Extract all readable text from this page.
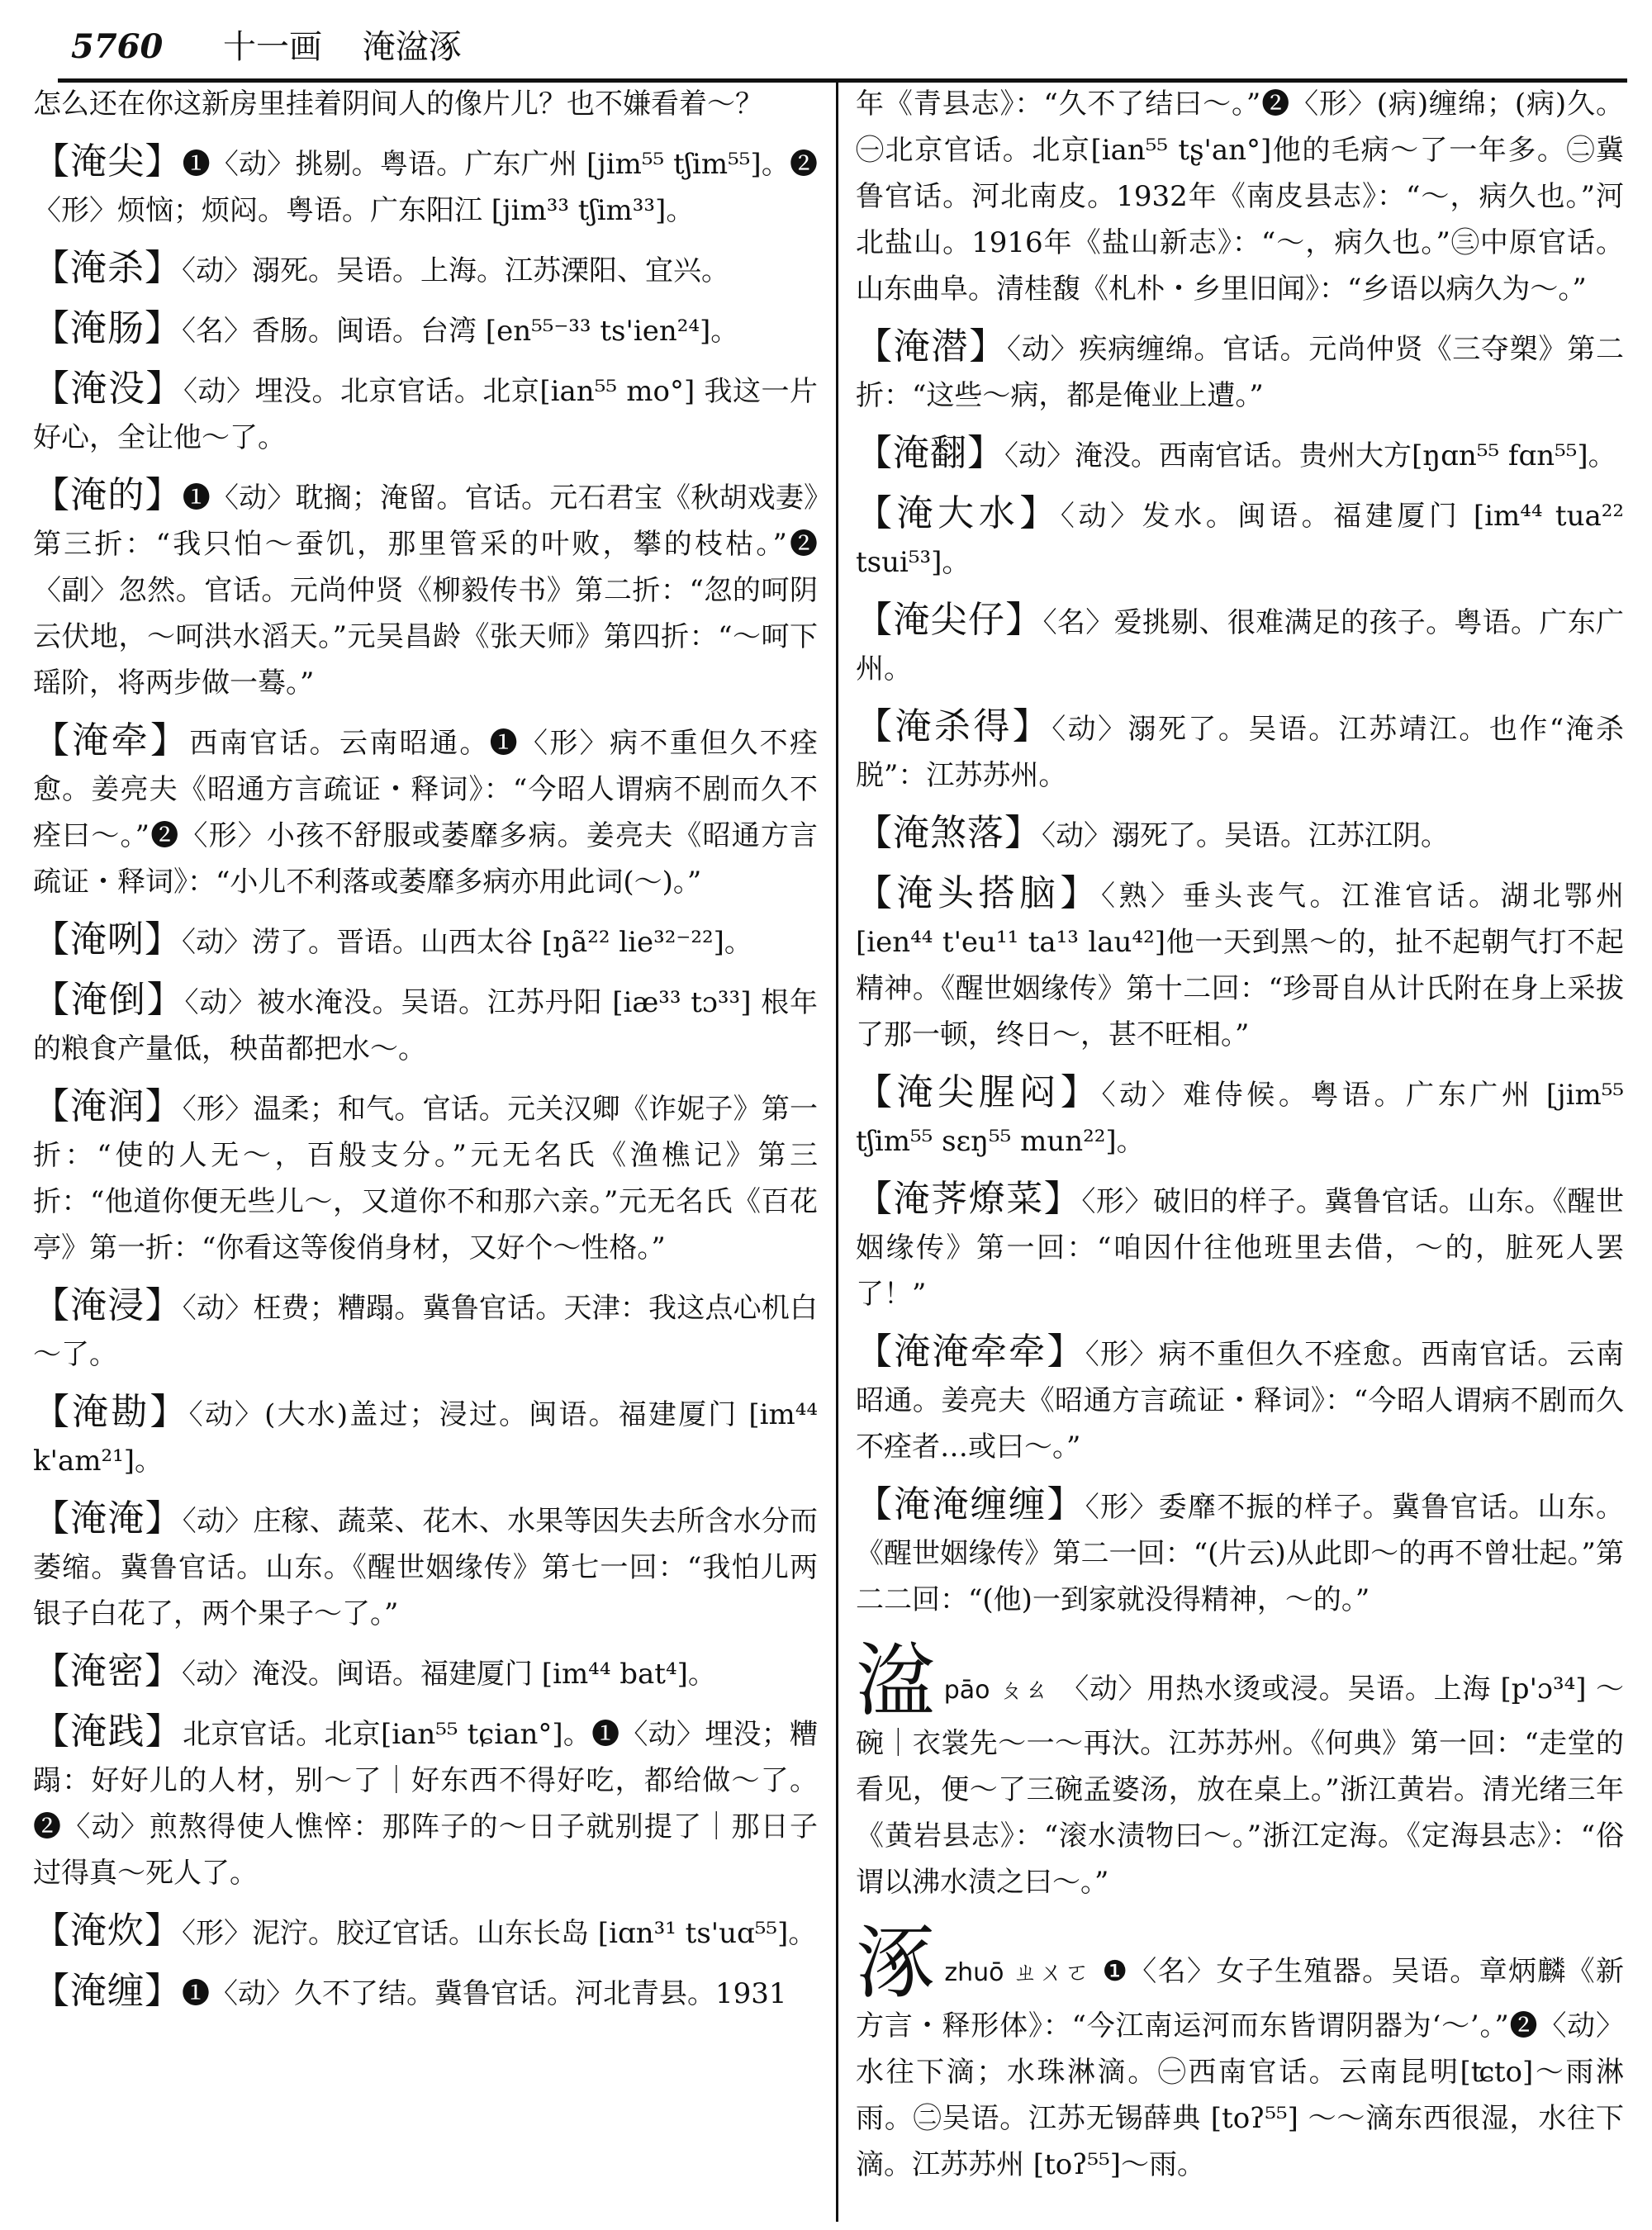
5760 十一画 淹湓涿

怎么还在你这新房里挂着阴间人的像片儿？也不嫌看着～？

【淹尖】❶〈动〉挑剔。粤语。广东广州 [jim⁵⁵ tʃim⁵⁵]。❷〈形〉烦恼；烦闷。粤语。广东阳江 [jim³³ tʃim³³]。

【淹杀】〈动〉溺死。吴语。上海。江苏溧阳、宜兴。

【淹肠】〈名〉香肠。闽语。台湾 [en⁵⁵⁻³³ ts'ien²⁴]。

【淹没】〈动〉埋没。北京官话。北京[ian⁵⁵ mo°] 我这一片好心，全让他～了。

【淹的】❶〈动〉耽搁；淹留。官话。元石君宝《秋胡戏妻》第三折：“我只怕～蚕饥，那里管采的叶败，攀的枝枯。”❷〈副〉忽然。官话。元尚仲贤《柳毅传书》第二折：“忽的呵阴云伏地，～呵洪水滔天。”元吴昌龄《张天师》第四折：“～呵下瑶阶，将两步做一蓦。”

【淹牵】西南官话。云南昭通。❶〈形〉病不重但久不痊愈。姜亮夫《昭通方言疏证・释词》：“今昭人谓病不剧而久不痊曰～。”❷〈形〉小孩不舒服或萎靡多病。姜亮夫《昭通方言疏证・释词》：“小儿不利落或萎靡多病亦用此词(～)。”

【淹咧】〈动〉涝了。晋语。山西太谷 [ŋã²² lie³²⁻²²]。

【淹倒】〈动〉被水淹没。吴语。江苏丹阳 [iæ³³ tɔ³³] 根年的粮食产量低，秧苗都把水～。

【淹润】〈形〉温柔；和气。官话。元关汉卿《诈妮子》第一折：“使的人无～，百般支分。”元无名氏《渔樵记》第三折：“他道你便无些儿～，又道你不和那六亲。”元无名氏《百花亭》第一折：“你看这等俊俏身材，又好个～性格。”

【淹浸】〈动〉枉费；糟蹋。冀鲁官话。天津：我这点心机白～了。

【淹勘】〈动〉(大水)盖过；浸过。闽语。福建厦门 [im⁴⁴ k'am²¹]。

【淹淹】〈动〉庄稼、蔬菜、花木、水果等因失去所含水分而萎缩。冀鲁官话。山东。《醒世姻缘传》第七一回：“我怕儿两银子白花了，两个果子～了。”

【淹密】〈动〉淹没。闽语。福建厦门 [im⁴⁴ bat⁴]。

【淹践】北京官话。北京[ian⁵⁵ tɕian°]。❶〈动〉埋没；糟蹋：好好儿的人材，别～了｜好东西不得好吃，都给做～了。❷〈动〉煎熬得使人憔悴：那阵子的～日子就别提了｜那日子过得真～死人了。

【淹炊】〈形〉泥泞。胶辽官话。山东长岛 [iɑn³¹ ts'uɑ⁵⁵]。

【淹缠】❶〈动〉久不了结。冀鲁官话。河北青县。1931

年《青县志》：“久不了结曰～。”❷〈形〉(病)缠绵；(病)久。㊀北京官话。北京[ian⁵⁵ tʂ'an°]他的毛病～了一年多。㊁冀鲁官话。河北南皮。1932年《南皮县志》：“～，病久也。”河北盐山。1916年《盐山新志》：“～，病久也。”㊂中原官话。山东曲阜。清桂馥《札朴・乡里旧闻》：“乡语以病久为～。”

【淹潜】〈动〉疾病缠绵。官话。元尚仲贤《三夺槊》第二折：“这些～病，都是俺业上遭。”

【淹翻】〈动〉淹没。西南官话。贵州大方[ŋɑn⁵⁵ fɑn⁵⁵]。

【淹大水】〈动〉发水。闽语。福建厦门 [im⁴⁴ tua²² tsui⁵³]。

【淹尖仔】〈名〉爱挑剔、很难满足的孩子。粤语。广东广州。

【淹杀得】〈动〉溺死了。吴语。江苏靖江。也作“淹杀脱”：江苏苏州。

【淹煞落】〈动〉溺死了。吴语。江苏江阴。

【淹头搭脑】〈熟〉垂头丧气。江淮官话。湖北鄂州 [ien⁴⁴ t'eu¹¹ ta¹³ lau⁴²]他一天到黑～的，扯不起朝气打不起精神。《醒世姻缘传》第十二回：“珍哥自从计氏附在身上采拔了那一顿，终日～，甚不旺相。”

【淹尖腥闷】〈动〉难侍候。粤语。广东广州 [jim⁵⁵ tʃim⁵⁵ sɛŋ⁵⁵ mun²²]。

【淹荠燎菜】〈形〉破旧的样子。冀鲁官话。山东。《醒世姻缘传》第一回：“咱因什往他班里去借，～的，脏死人罢了！”

【淹淹牵牵】〈形〉病不重但久不痊愈。西南官话。云南昭通。姜亮夫《昭通方言疏证・释词》：“今昭人谓病不剧而久不痊者…或曰～。”

【淹淹缠缠】〈形〉委靡不振的样子。冀鲁官话。山东。《醒世姻缘传》第二一回：“(片云)从此即～的再不曾壮起。”第二二回：“(他)一到家就没得精神，～的。”

湓pāo ㄆㄠ 〈动〉用热水烫或浸。吴语。上海 [p'ɔ³⁴] ～碗｜衣裳先～一～再汏。江苏苏州。《何典》第一回：“走堂的看见，便～了三碗孟婆汤，放在桌上。”浙江黄岩。清光绪三年《黄岩县志》：“滚水渍物曰～。”浙江定海。《定海县志》：“俗谓以沸水渍之曰～。”

涿zhuō ㄓㄨㄛ ❶〈名〉女子生殖器。吴语。章炳麟《新方言・释形体》：“今江南运河而东皆谓阴器为‘～’。”❷〈动〉水往下滴；水珠淋滴。㊀西南官话。云南昆明[ʨto]～雨淋雨。㊁吴语。江苏无锡薛典 [toʔ⁵⁵] ～～滴东西很湿，水往下滴。江苏苏州 [toʔ⁵⁵]～雨。
